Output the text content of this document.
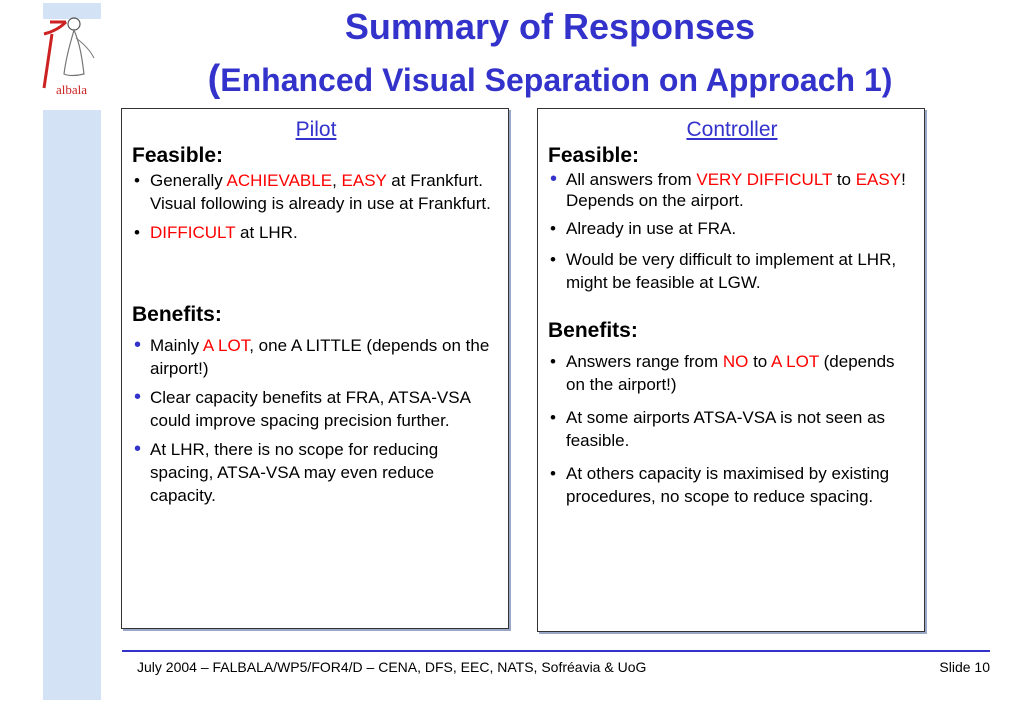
albala
Summary of Responses
(Enhanced Visual Separation on Approach 1)
Pilot
Feasible:
• Generally ACHIEVABLE, EASY at Frankfurt. Visual following is already in use at Frankfurt.
• DIFFICULT at LHR.
Benefits:
• Mainly A LOT, one A LITTLE (depends on the airport!)
• Clear capacity benefits at FRA, ATSA-VSA could improve spacing precision further.
• At LHR, there is no scope for reducing spacing, ATSA-VSA may even reduce capacity.
Controller
Feasible:
• All answers from VERY DIFFICULT to EASY! Depends on the airport.
• Already in use at FRA.
• Would be very difficult to implement at LHR, might be feasible at LGW.
Benefits:
• Answers range from NO to A LOT (depends on the airport!)
• At some airports ATSA-VSA is not seen as feasible.
• At others capacity is maximised by existing procedures, no scope to reduce spacing.
July 2004 – FALBALA/WP5/FOR4/D – CENA, DFS, EEC, NATS, Sofréavia & UoG	Slide 10
